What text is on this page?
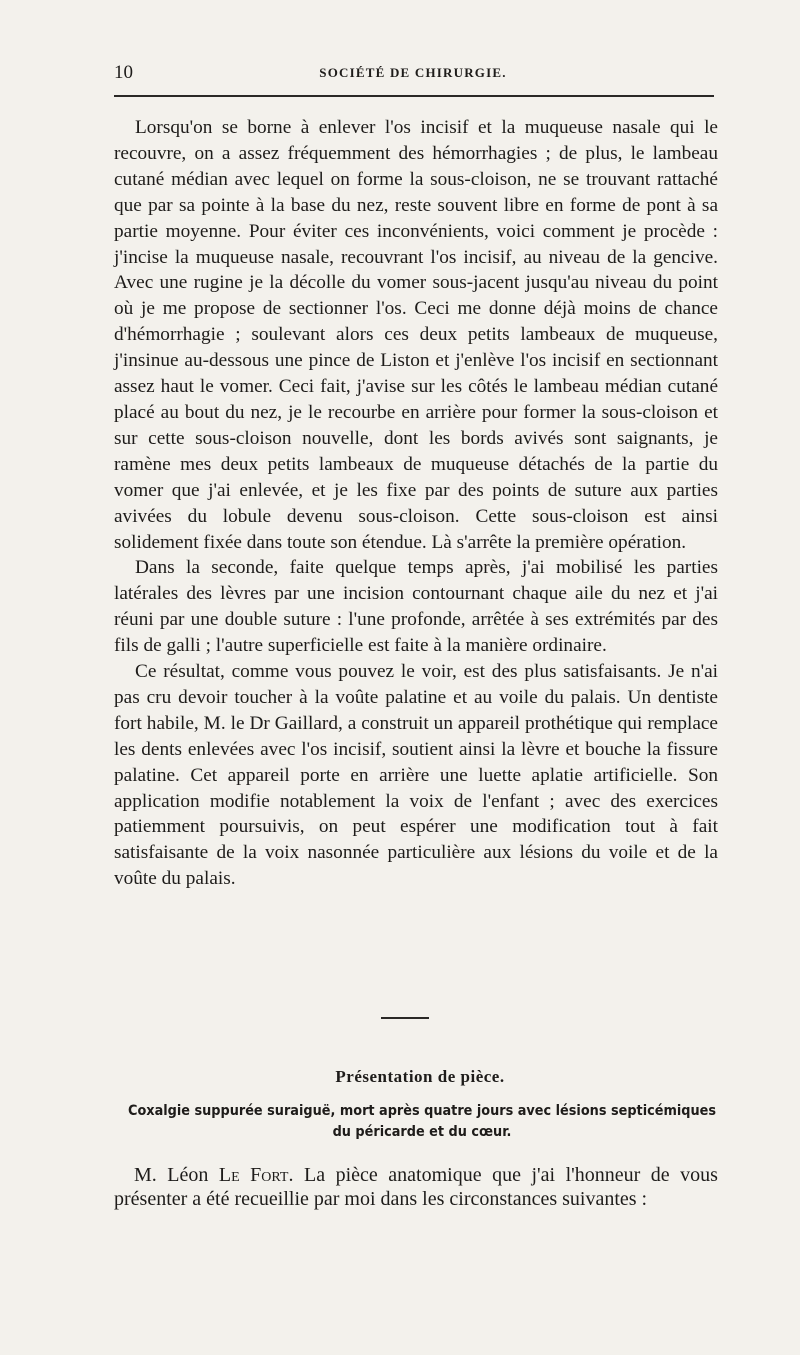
10	SOCIÉTÉ DE CHIRURGIE.

Lorsqu'on se borne à enlever l'os incisif et la muqueuse nasale qui le recouvre, on a assez fréquemment des hémorrhagies ; de plus, le lambeau cutané médian avec lequel on forme la sous-cloison, ne se trouvant rattaché que par sa pointe à la base du nez, reste souvent libre en forme de pont à sa partie moyenne. Pour éviter ces inconvénients, voici comment je procède : j'incise la muqueuse nasale, recouvrant l'os incisif, au niveau de la gencive. Avec une rugine je la décolle du vomer sous-jacent jusqu'au niveau du point où je me propose de sectionner l'os. Ceci me donne déjà moins de chance d'hémorrhagie ; soulevant alors ces deux petits lambeaux de muqueuse, j'insinue au-dessous une pince de Liston et j'enlève l'os incisif en sectionnant assez haut le vomer. Ceci fait, j'avise sur les côtés le lambeau médian cutané placé au bout du nez, je le recourbe en arrière pour former la sous-cloison et sur cette sous-cloison nouvelle, dont les bords avivés sont saignants, je ramène mes deux petits lambeaux de muqueuse détachés de la partie du vomer que j'ai enlevée, et je les fixe par des points de suture aux parties avivées du lobule devenu sous-cloison. Cette sous-cloison est ainsi solidement fixée dans toute son étendue. Là s'arrête la première opération.

Dans la seconde, faite quelque temps après, j'ai mobilisé les parties latérales des lèvres par une incision contournant chaque aile du nez et j'ai réuni par une double suture : l'une profonde, arrêtée à ses extrémités par des fils de galli ; l'autre superficielle est faite à la manière ordinaire.

Ce résultat, comme vous pouvez le voir, est des plus satisfaisants. Je n'ai pas cru devoir toucher à la voûte palatine et au voile du palais. Un dentiste fort habile, M. le Dr Gaillard, a construit un appareil prothétique qui remplace les dents enlevées avec l'os incisif, soutient ainsi la lèvre et bouche la fissure palatine. Cet appareil porte en arrière une luette aplatie artificielle. Son application modifie notablement la voix de l'enfant ; avec des exercices patiemment poursuivis, on peut espérer une modification tout à fait satisfaisante de la voix nasonnée particulière aux lésions du voile et de la voûte du palais.

Présentation de pièce.
Coxalgie suppurée suraiguë, mort après quatre jours avec lésions septicémiques du péricarde et du cœur.

M. Léon Le Fort. La pièce anatomique que j'ai l'honneur de vous présenter a été recueillie par moi dans les circonstances suivantes :
